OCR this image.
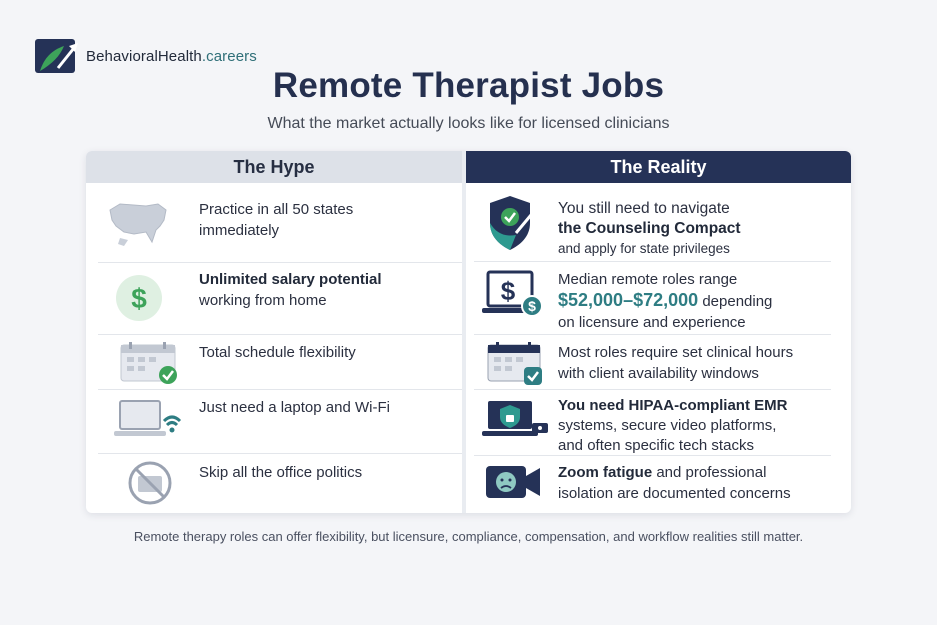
BehavioralHealth.careers
Remote Therapist Jobs
What the market actually looks like for licensed clinicians
The Hype
Practice in all 50 states
immediately
$
Unlimited salary potential
working from home
Total schedule flexibility
Just need a laptop and Wi-Fi
Skip all the office politics
The Reality
You still need to navigate
the Counseling Compact
and apply for state privileges
$ $
Median remote roles range
$52,000–$72,000 depending
on licensure and experience
Most roles require set clinical hours
with client availability windows
You need HIPAA-compliant EMR
systems, secure video platforms,
and often specific tech stacks
Zoom fatigue and professional
isolation are documented concerns
Remote therapy roles can offer flexibility, but licensure, compliance, compensation, and workflow realities still matter.
